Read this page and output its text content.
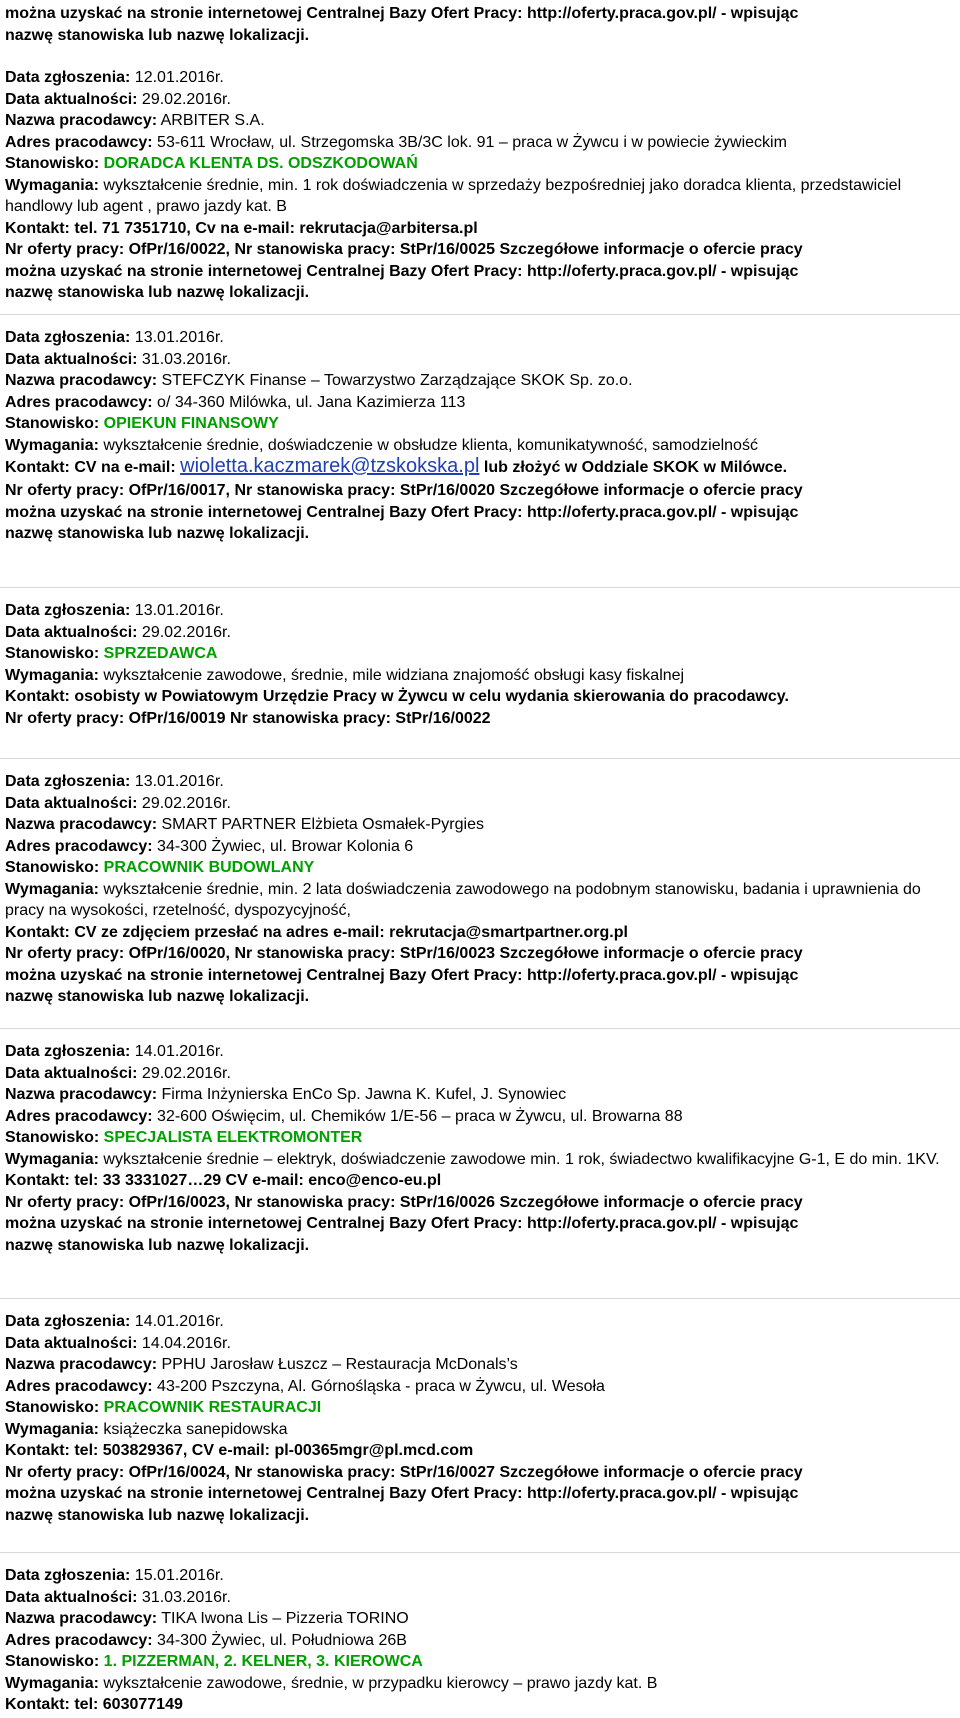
można uzyskać na stronie internetowej Centralnej Bazy Ofert Pracy: http://oferty.praca.gov.pl/ - wpisując
nazwę stanowiska lub nazwę lokalizacji.
Data zgłoszenia: 12.01.2016r.
Data aktualności: 29.02.2016r.
Nazwa pracodawcy: ARBITER S.A.
Adres pracodawcy: 53-611 Wrocław, ul. Strzegomska 3B/3C lok. 91 – praca w Żywcu i w powiecie żywieckim
Stanowisko: DORADCA KLENTA DS. ODSZKODOWAŃ
Wymagania: wykształcenie średnie, min. 1 rok doświadczenia w sprzedaży bezpośredniej jako doradca klienta, przedstawiciel handlowy lub agent , prawo jazdy kat. B
Kontakt: tel. 71 7351710, Cv na e-mail: rekrutacja@arbitersa.pl
Nr oferty pracy: OfPr/16/0022, Nr stanowiska pracy: StPr/16/0025 Szczegółowe informacje o ofercie pracy
można uzyskać na stronie internetowej Centralnej Bazy Ofert Pracy: http://oferty.praca.gov.pl/ - wpisując
nazwę stanowiska lub nazwę lokalizacji.
Data zgłoszenia: 13.01.2016r.
Data aktualności: 31.03.2016r.
Nazwa pracodawcy: STEFCZYK Finanse – Towarzystwo Zarządzające SKOK Sp. zo.o.
Adres pracodawcy: o/ 34-360 Milówka, ul. Jana Kazimierza 113
Stanowisko: OPIEKUN FINANSOWY
Wymagania: wykształcenie średnie, doświadczenie w obsłudze klienta, komunikatywność, samodzielność
Kontakt: CV na e-mail: wioletta.kaczmarek@tzskokska.pl lub złożyć w Oddziale SKOK w Milówce.
Nr oferty pracy: OfPr/16/0017, Nr stanowiska pracy: StPr/16/0020 Szczegółowe informacje o ofercie pracy
można uzyskać na stronie internetowej Centralnej Bazy Ofert Pracy: http://oferty.praca.gov.pl/ - wpisując
nazwę stanowiska lub nazwę lokalizacji.
Data zgłoszenia: 13.01.2016r.
Data aktualności: 29.02.2016r.
Stanowisko: SPRZEDAWCA
Wymagania: wykształcenie zawodowe, średnie, mile widziana znajomość obsługi kasy fiskalnej
Kontakt: osobisty w Powiatowym Urzędzie Pracy w Żywcu w celu wydania skierowania do pracodawcy.
Nr oferty pracy: OfPr/16/0019 Nr stanowiska pracy: StPr/16/0022
Data zgłoszenia: 13.01.2016r.
Data aktualności: 29.02.2016r.
Nazwa pracodawcy: SMART PARTNER Elżbieta Osmałek-Pyrgies
Adres pracodawcy: 34-300 Żywiec, ul. Browar Kolonia 6
Stanowisko: PRACOWNIK BUDOWLANY
Wymagania: wykształcenie średnie, min. 2 lata doświadczenia zawodowego na podobnym stanowisku, badania i uprawnienia do pracy na wysokości, rzetelność, dyspozycyjność,
Kontakt: CV ze zdjęciem przesłać na adres e-mail: rekrutacja@smartpartner.org.pl
Nr oferty pracy: OfPr/16/0020, Nr stanowiska pracy: StPr/16/0023 Szczegółowe informacje o ofercie pracy
można uzyskać na stronie internetowej Centralnej Bazy Ofert Pracy: http://oferty.praca.gov.pl/ - wpisując
nazwę stanowiska lub nazwę lokalizacji.
Data zgłoszenia: 14.01.2016r.
Data aktualności: 29.02.2016r.
Nazwa pracodawcy: Firma Inżynierska EnCo Sp. Jawna K. Kufel, J. Synowiec
Adres pracodawcy: 32-600 Oświęcim, ul. Chemików 1/E-56 – praca w Żywcu, ul. Browarna 88
Stanowisko: SPECJALISTA ELEKTROMONTER
Wymagania: wykształcenie średnie – elektryk, doświadczenie zawodowe min. 1 rok, świadectwo kwalifikacyjne G-1, E do min. 1KV.
Kontakt: tel: 33 3331027…29 CV e-mail: enco@enco-eu.pl
Nr oferty pracy: OfPr/16/0023, Nr stanowiska pracy: StPr/16/0026 Szczegółowe informacje o ofercie pracy
można uzyskać na stronie internetowej Centralnej Bazy Ofert Pracy: http://oferty.praca.gov.pl/ - wpisując
nazwę stanowiska lub nazwę lokalizacji.
Data zgłoszenia: 14.01.2016r.
Data aktualności: 14.04.2016r.
Nazwa pracodawcy: PPHU Jarosław Łuszcz – Restauracja McDonals’s
Adres pracodawcy: 43-200 Pszczyna, Al. Górnośląska - praca w Żywcu, ul. Wesoła
Stanowisko: PRACOWNIK RESTAURACJI
Wymagania: książeczka sanepidowska
Kontakt: tel: 503829367, CV e-mail: pl-00365mgr@pl.mcd.com
Nr oferty pracy: OfPr/16/0024, Nr stanowiska pracy: StPr/16/0027 Szczegółowe informacje o ofercie pracy
można uzyskać na stronie internetowej Centralnej Bazy Ofert Pracy: http://oferty.praca.gov.pl/ - wpisując
nazwę stanowiska lub nazwę lokalizacji.
Data zgłoszenia: 15.01.2016r.
Data aktualności: 31.03.2016r.
Nazwa pracodawcy: TIKA Iwona Lis – Pizzeria TORINO
Adres pracodawcy: 34-300 Żywiec, ul. Południowa 26B
Stanowisko: 1. PIZZERMAN, 2. KELNER, 3. KIEROWCA
Wymagania: wykształcenie zawodowe, średnie, w przypadku kierowcy – prawo jazdy kat. B
Kontakt: tel: 603077149
